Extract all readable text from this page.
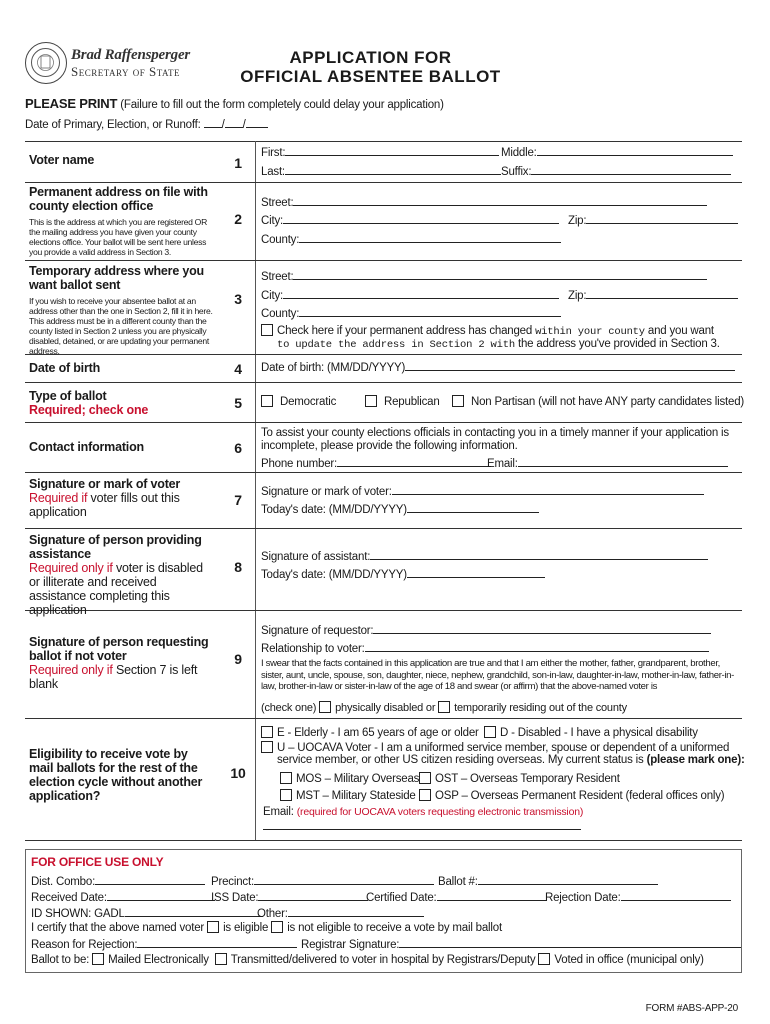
Brad Raffensperger
Secretary of State
APPLICATION FOR
OFFICIAL ABSENTEE BALLOT
PLEASE PRINT (Failure to fill out the form completely could delay your application)
Date of Primary, Election, or Runoff: / /
Voter name	1
First:	Middle:
Last:	Suffix:
Permanent address on file with county election office
This is the address at which you are registered OR the mailing address you have given your county elections office. Your ballot will be sent here unless you provide a valid address in Section 3.
2
Street:
City:	Zip:
County:
Temporary address where you want ballot sent
If you wish to receive your absentee ballot at an address other than the one in Section 2, fill it in here. This address must be in a different county than the county listed in Section 2 unless you are physically disabled, detained, or are updating your permanent address.
3
Street:
City:	Zip:
County:
Check here if your permanent address has changed within your county and you want
to update the address in Section 2 with the address you've provided in Section 3.
Date of birth	4	Date of birth: (MM/DD/YYYY)
Type of ballot
Required; check one	5	Democratic	Republican	Non Partisan (will not have ANY party candidates listed)
Contact information	6
To assist your county elections officials in contacting you in a timely manner if your application is incomplete, please provide the following information.
Phone number:	Email:
Signature or mark of voter
Required if voter fills out this application
7	Signature or mark of voter:
Today's date: (MM/DD/YYYY)
Signature of person providing assistance
Required only if voter is disabled or illiterate and received assistance completing this application
8
Signature of assistant:
Today's date: (MM/DD/YYYY)
Signature of person requesting ballot if not voter
Required only if Section 7 is left blank
9
Signature of requestor:
Relationship to voter:
I swear that the facts contained in this application are true and that I am either the mother, father, grandparent, brother, sister, aunt, uncle, spouse, son, daughter, niece, nephew, grandchild, son-in-law, daughter-in-law, mother-in-law, father-in-law, brother-in-law or sister-in-law of the age of 18 and swear (or affirm) that the above-named voter is
(check one) physically disabled or temporarily residing out of the county
Eligibility to receive vote by mail ballots for the rest of the election cycle without another application?
10
E - Elderly - I am 65 years of age or older	D - Disabled - I have a physical disability
U – UOCAVA Voter - I am a uniformed service member, spouse or dependent of a uniformed
service member, or other US citizen residing overseas. My current status is (please mark one):
MOS – Military Overseas	OST – Overseas Temporary Resident
MST – Military Stateside	OSP – Overseas Permanent Resident (federal offices only)
Email: (required for UOCAVA voters requesting electronic transmission)
FOR OFFICE USE ONLY
Dist. Combo:	Precinct:	Ballot #:
Received Date:	ISS Date:	Certified Date:	Rejection Date:
ID SHOWN: GADL	Other:
I certify that the above named voter is eligible is not eligible to receive a vote by mail ballot
Reason for Rejection:	Registrar Signature:
Ballot to be: Mailed Electronically Transmitted/delivered to voter in hospital by Registrars/Deputy Voted in office (municipal only)
FORM #ABS-APP-20
